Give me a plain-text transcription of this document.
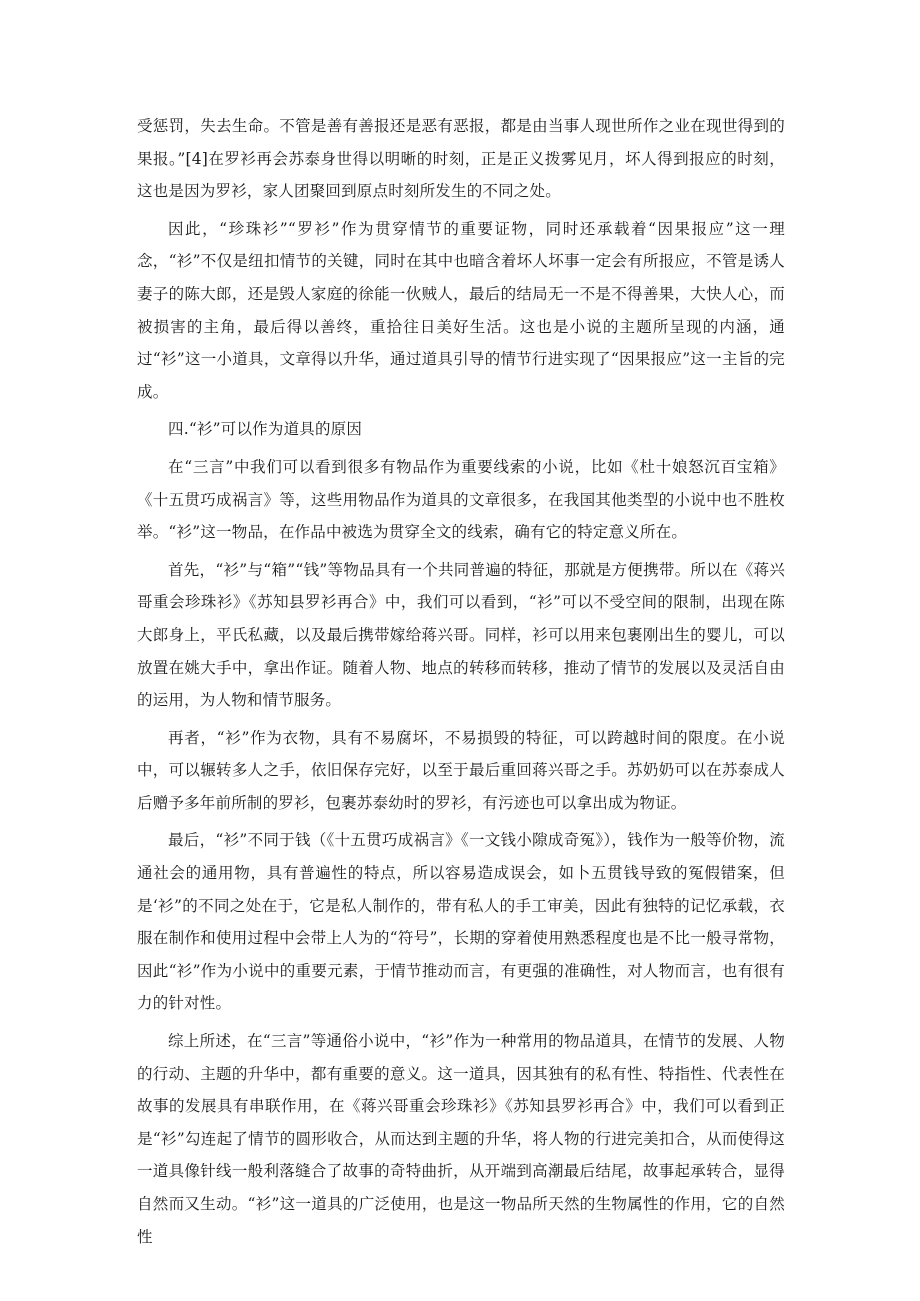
受惩罚，失去生命。不管是善有善报还是恶有恶报，都是由当事人现世所作之业在现世得到的果报。”[4]在罗衫再会苏泰身世得以明晰的时刻，正是正义拨雾见月，坏人得到报应的时刻，这也是因为罗衫，家人团聚回到原点时刻所发生的不同之处。

因此，“珍珠衫”“罗衫”作为贯穿情节的重要证物，同时还承载着“因果报应”这一理念，“衫”不仅是纽扣情节的关键，同时在其中也暗含着坏人坏事一定会有所报应，不管是诱人妻子的陈大郎，还是毁人家庭的徐能一伙贼人，最后的结局无一不是不得善果，大快人心，而被损害的主角，最后得以善终，重拾往日美好生活。这也是小说的主题所呈现的内涵，通过“衫”这一小道具，文章得以升华，通过道具引导的情节行进实现了“因果报应”这一主旨的完成。

四.“衫”可以作为道具的原因

在“三言”中我们可以看到很多有物品作为重要线索的小说，比如《杜十娘怒沉百宝箱》《十五贯巧成祸言》等，这些用物品作为道具的文章很多，在我国其他类型的小说中也不胜枚举。“衫”这一物品，在作品中被选为贯穿全文的线索，确有它的特定意义所在。

首先，“衫”与“箱”“钱”等物品具有一个共同普遍的特征，那就是方便携带。所以在《蒋兴哥重会珍珠衫》《苏知县罗衫再合》中，我们可以看到，“衫”可以不受空间的限制，出现在陈大郎身上，平氏私藏，以及最后携带嫁给蒋兴哥。同样，衫可以用来包裹刚出生的婴儿，可以放置在姚大手中，拿出作证。随着人物、地点的转移而转移，推动了情节的发展以及灵活自由的运用，为人物和情节服务。

再者，“衫”作为衣物，具有不易腐坏，不易损毁的特征，可以跨越时间的限度。在小说中，可以辗转多人之手，依旧保存完好，以至于最后重回蒋兴哥之手。苏奶奶可以在苏泰成人后赠予多年前所制的罗衫，包裹苏泰幼时的罗衫，有污迹也可以拿出成为物证。

最后，“衫”不同于钱（《十五贯巧成祸言》《一文钱小隙成奇冤》），钱作为一般等价物，流通社会的通用物，具有普遍性的特点，所以容易造成误会，如卜五贯钱导致的冤假错案，但是‘衫”的不同之处在于，它是私人制作的，带有私人的手工审美，因此有独特的记忆承载，衣服在制作和使用过程中会带上人为的“符号”，长期的穿着使用熟悉程度也是不比一般寻常物，因此“衫”作为小说中的重要元素，于情节推动而言，有更强的准确性，对人物而言，也有很有力的针对性。

综上所述，在“三言”等通俗小说中，“衫”作为一种常用的物品道具，在情节的发展、人物的行动、主题的升华中，都有重要的意义。这一道具，因其独有的私有性、特指性、代表性在故事的发展具有串联作用，在《蒋兴哥重会珍珠衫》《苏知县罗衫再合》中，我们可以看到正是“衫”勾连起了情节的圆形收合，从而达到主题的升华，将人物的行进完美扣合，从而使得这一道具像针线一般利落缝合了故事的奇特曲折，从开端到高潮最后结尾，故事起承转合，显得自然而又生动。“衫”这一道具的广泛使用，也是这一物品所天然的生物属性的作用，它的自然性
